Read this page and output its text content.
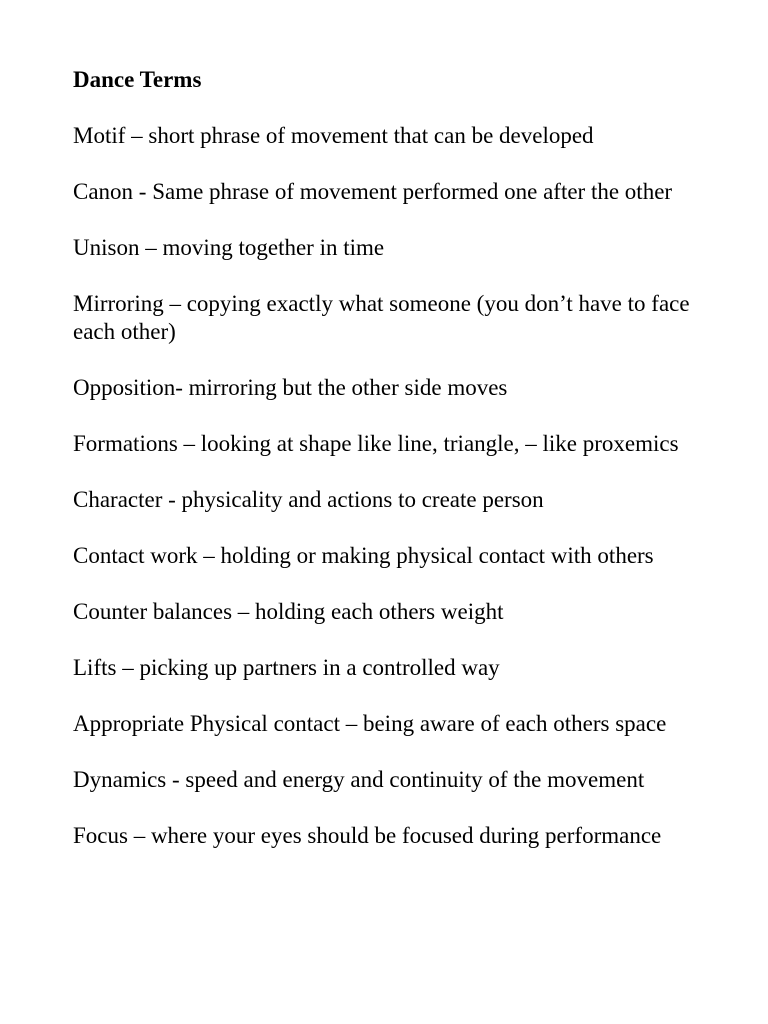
Dance Terms

Motif – short phrase of movement that can be developed

Canon - Same phrase of movement performed one after the other

Unison – moving together in time

Mirroring – copying exactly what someone (you don’t have to face each other)

Opposition- mirroring but the other side moves

Formations – looking at shape like line, triangle, – like proxemics

Character - physicality and actions to create person

Contact work – holding or making physical contact with others

Counter balances – holding each others weight

Lifts – picking up partners in a controlled way

Appropriate Physical contact – being aware of each others space

Dynamics - speed and energy and continuity of the movement

Focus – where your eyes should be focused during performance
